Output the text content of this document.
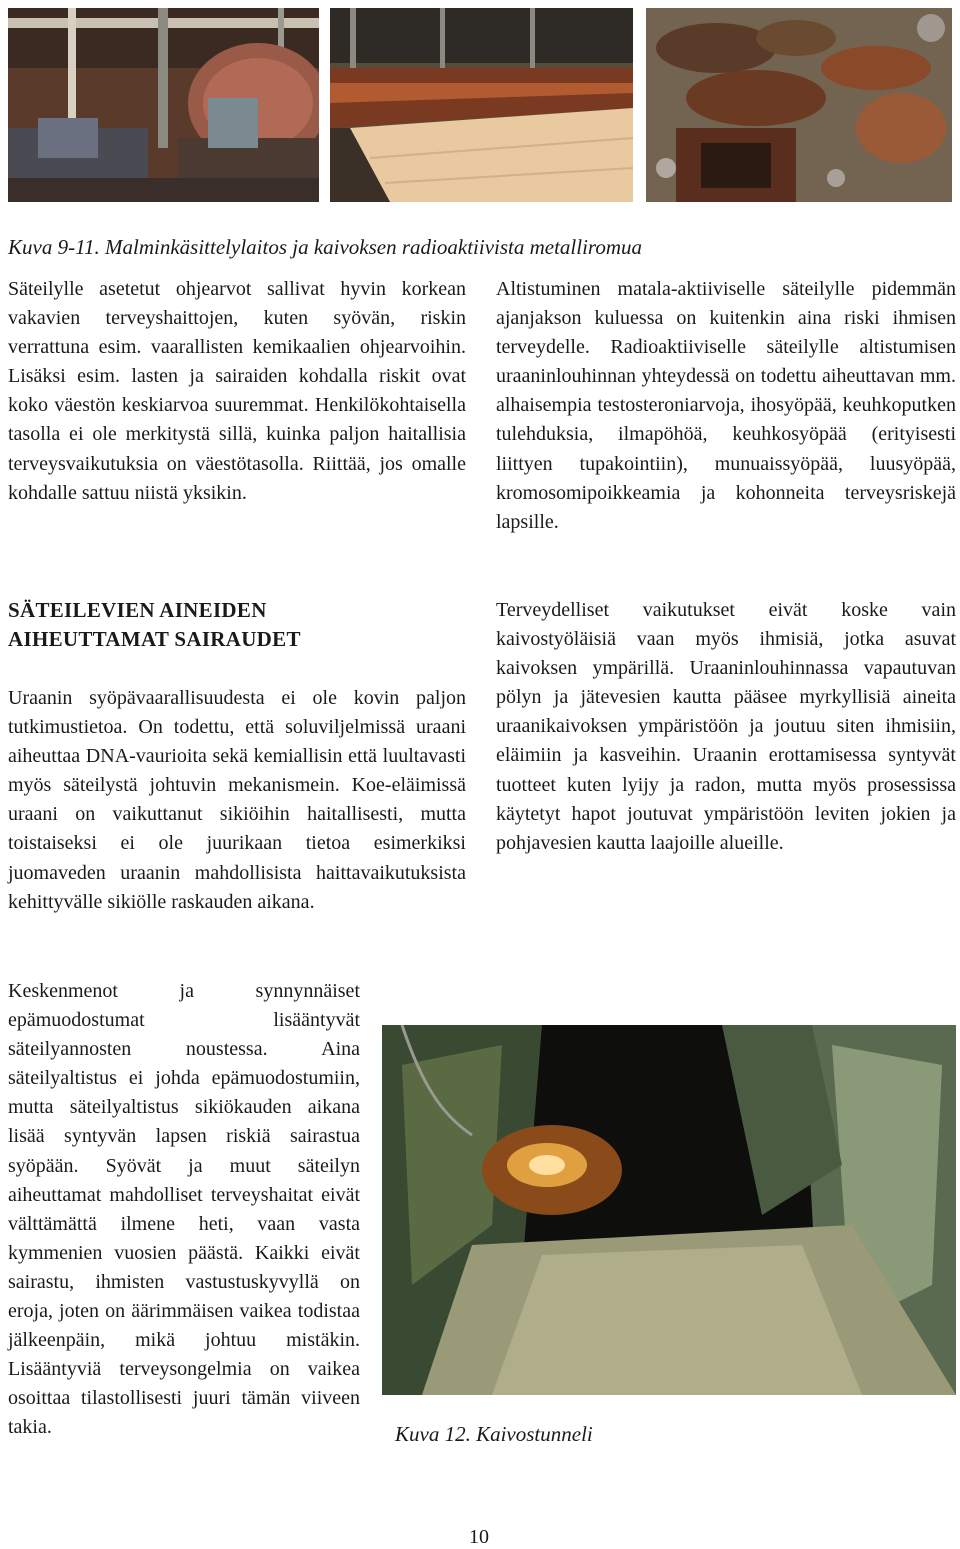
Kuva 9-11. Malminkäsittelylaitos ja kaivoksen radioaktiivista metalliromua

Säteilylle asetetut ohjearvot sallivat hyvin korkean vakavien terveyshaittojen, kuten syövän, riskin verrattuna esim. vaarallisten kemikaalien ohjearvoihin. Lisäksi esim. lasten ja sairaiden kohdalla riskit ovat koko väestön keskiarvoa suuremmat. Henkilökohtaisella tasolla ei ole merkitystä sillä, kuinka paljon haitallisia terveysvaikutuksia on väestötasolla. Riittää, jos omalle kohdalle sattuu niistä yksikin.

SÄTEILEVIEN AINEIDEN
AIHEUTTAMAT SAIRAUDET

Uraanin syöpävaarallisuudesta ei ole kovin paljon tutkimustietoa. On todettu, että soluviljelmissä uraani aiheuttaa DNA-vaurioita sekä kemiallisin että luultavasti myös säteilystä johtuvin mekanismein. Koe-eläimissä uraani on vaikuttanut sikiöihin haitallisesti, mutta toistaiseksi ei ole juurikaan tietoa esimerkiksi juomaveden uraanin mahdollisista haittavaikutuksista kehittyvälle sikiölle raskauden aikana.

Keskenmenot ja synnynnäiset epämuodostumat lisääntyvät säteilyannosten noustessa. Aina säteilyaltistus ei johda epämuodostumiin, mutta säteilyaltistus sikiökauden aikana lisää syntyvän lapsen riskiä sairastua syöpään. Syövät ja muut säteilyn aiheuttamat mahdolliset terveyshaitat eivät välttämättä ilmene heti, vaan vasta kymmenien vuosien päästä. Kaikki eivät sairastu, ihmisten vastustuskyvyllä on eroja, joten on äärimmäisen vaikea todistaa jälkeenpäin, mikä johtuu mistäkin. Lisääntyviä terveysongelmia on vaikea osoittaa tilastollisesti juuri tämän viiveen takia.

Altistuminen matala-aktiiviselle säteilylle pidemmän ajanjakson kuluessa on kuitenkin aina riski ihmisen terveydelle. Radioaktiiviselle säteilylle altistumisen uraaninlouhinnan yhteydessä on todettu aiheuttavan mm. alhaisempia testosteroniarvoja, ihosyöpää, keuhkoputken tulehduksia, ilmapöhöä, keuhkosyöpää (erityisesti liittyen tupakointiin), munuaissyöpää, luusyöpää, kromosomipoikkeamia ja kohonneita terveysriskejä lapsille.

Terveydelliset vaikutukset eivät koske vain kaivostyöläisiä vaan myös ihmisiä, jotka asuvat kaivoksen ympärillä. Uraaninlouhinnassa vapautuvan pölyn ja jätevesien kautta pääsee myrkyllisiä aineita uraanikaivoksen ympäristöön ja joutuu siten ihmisiin, eläimiin ja kasveihin. Uraanin erottamisessa syntyvät tuotteet kuten lyijy ja radon, mutta myös prosessissa käytetyt hapot joutuvat ympäristöön leviten jokien ja pohjavesien kautta laajoille alueille.

Kuva 12. Kaivostunneli

10
